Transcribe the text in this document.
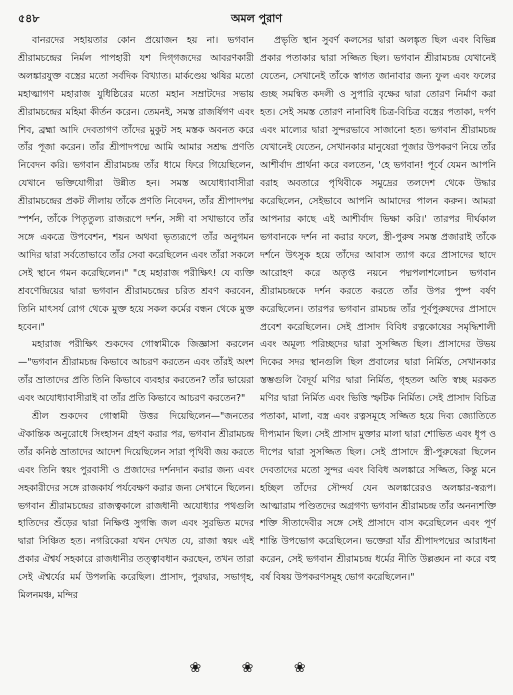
৫৪৮	অমল পুরাণ

বানরদের সহায়তার কোন প্রয়োজন হয় না। ভগবান শ্রীরামচন্দ্রের নির্মল পাপহারী যশ দিগ্‌গজদের আবরণকারী অলঙ্কারযুক্ত বস্ত্রের মতো সর্বদিক বিখ্যাত। মার্কণ্ডেয় ঋষির মতো মহাত্মাগণ মহারাজ যুধিষ্ঠিরের মতো মহান সম্রাটদের সভায় শ্রীরামচন্দ্রের মহিমা কীর্তন করেন। তেমনই, সমস্ত রাজর্ষিগণ এবং শিব, ব্রহ্মা আদি দেবতাগণ তাঁদের মুকুট সহ মস্তক অবনত করে তাঁর পূজা করেন। তাঁর শ্রীপাদপদ্মে আমি আমার সশ্রদ্ধ প্রণতি নিবেদন করি। ভগবান শ্রীরামচন্দ্র তাঁর ধামে ফিরে গিয়েছিলেন, যেখানে ভক্তিযোগীরা উন্নীত হন। সমস্ত অযোধ্যাবাসীরা শ্রীরামচন্দ্রের প্রকট লীলায় তাঁকে প্রণতি নিবেদন, তাঁর শ্রীপাদপদ্ম স্পর্শন, তাঁকে পিতৃতুল্য রাজরূপে দর্শন, সঙ্গী বা সখাভাবে তাঁর সঙ্গে একত্রে উপবেশন, শয়ন অথবা ভৃত্যরূপে তাঁর অনুগমন আদির দ্বারা সর্বতোভাবে তাঁর সেবা করেছিলেন এবং তাঁরা সকলে সেই স্থানে গমন করেছিলেন।" "হে মহারাজ পরীক্ষিৎ! যে ব্যক্তি শ্রবণেন্দ্রিয়ের দ্বারা ভগবান শ্রীরামচন্দ্রের চরিত শ্রবণ করবেন, তিনি মাৎসর্য রোগ থেকে মুক্ত হয়ে সকল কর্মের বন্ধন থেকে মুক্ত হবেন।"

মহারাজ পরীক্ষিৎ শুকদেব গোস্বামীকে জিজ্ঞাসা করলেন—"ভগবান শ্রীরামচন্দ্র কিভাবে আচরণ করতেন এবং তাঁরই অংশ তাঁর ভ্রাতাদের প্রতি তিনি কিভাবে ব্যবহার করতেন? তাঁর ভায়েরা এবং অযোধ্যাবাসীরাই বা তাঁর প্রতি কিভাবে আচরণ করতেন?"

শ্রীল শুকদেব গোস্বামী উত্তর দিয়েছিলেন—"জনতের ঐকান্তিক অনুরোধে সিংহাসন গ্রহণ করার পর, ভগবান শ্রীরামচন্দ্র তাঁর কনিষ্ঠ ভ্রাতাদের আদেশ দিয়েছিলেন সারা পৃথিবী জয় করতে এবং তিনি স্বয়ং পুরবাসী ও প্রজাদের দর্শনদান করার জন্য এবং সহকারীদের সঙ্গে রাজকার্য পর্যবেক্ষণ করার জন্য সেখানে ছিলেন। ভগবান শ্রীরামচন্দ্রের রাজত্বকালে রাজধানী অযোধ্যার পথগুলি হাতিদের শুঁড়ের দ্বারা নিক্ষিপ্ত সুগন্ধি জল এবং সুরভিত মদের দ্বারা সিঞ্চিত হত। নগরিকেরা যখন দেখত যে, রাজা স্বয়ং এই প্রকার ঐশ্বর্য সহকারে রাজধানীর তত্ত্বাবধান করছেন, তখন তারা সেই ঐশ্বর্যের মর্ম উপলব্ধি করেছিল। প্রাসাদ, পুরদ্বার, সভাগৃহ, মিলনমঞ্চ, মন্দির

প্রভৃতি স্থান সুবর্ণ কলসের দ্বারা অলঙ্কৃত ছিল এবং বিভিন্ন প্রকার পতাকার দ্বারা সজ্জিত ছিল। ভগবান শ্রীরামচন্দ্র যেখানেই যেতেন, সেখানেই তাঁকে স্বাগত জানাবার জন্য ফুল এবং ফলের গুচ্ছ সমন্বিত কদলী ও সুপারি বৃক্ষের দ্বারা তোরণ নির্মাণ করা হত। সেই সমস্ত তোরণ নানাবিধ চিত্র-বিচিত্র বস্ত্রের পতাকা, দর্পণ এবং মাল্যের দ্বারা সুন্দরভাবে সাজানো হত। ভগবান শ্রীরামচন্দ্র যেখানেই যেতেন, সেখানকার মানুষেরা পূজার উপকরণ নিয়ে তাঁর আশীর্বাদ প্রার্থনা করে বলতেন, 'হে ভগবান! পূর্বে যেমন আপনি বরাহ অবতারে পৃথিবীকে সমুদ্রের তলদেশ থেকে উদ্ধার করেছিলেন, সেইভাবে আপনি আমাদের পালন করুন। আমরা আপনার কাছে এই আশীর্বাদ ভিক্ষা করি।' তারপর দীর্ঘকাল ভগবানকে দর্শন না করার ফলে, স্ত্রী-পুরুষ সমস্ত প্রজারাই তাঁকে দর্শনে উৎসুক হয়ে তাঁদের আবাস ত্যাগ করে প্রাসাদের ছাদে আরোহণ করে অতৃপ্ত নয়নে পদ্মপলাশলোচন ভগবান শ্রীরামচন্দ্রকে দর্শন করতে করতে তাঁর উপর পুষ্প বর্ষণ করেছিলেন। তারপর ভগবান রামচন্দ্র তাঁর পূর্বপুরুষদের প্রাসাদে প্রবেশ করেছিলেন। সেই প্রাসাদ বিবিধ রত্নকোষের সমৃদ্ধিশালী এবং অমূল্য পরিচ্ছদের দ্বারা সুসজ্জিত ছিল। প্রাসাদের উভয় দিকের সদর স্থানগুলি ছিল প্রবালের দ্বারা নির্মিত, সেখানকার স্তম্ভগুলি বৈদূর্য মণির দ্বারা নির্মিত, গৃহতল অতি স্বচ্ছ মরকত মণির দ্বারা নির্মিত এবং ভিত্তি স্ফটিক নির্মিত। সেই প্রাসাদ বিচিত্র পতাকা, মালা, বস্ত্র এবং রত্নসমূহে সজ্জিত হয়ে দিব্য জ্যোতিতে দীপ্যমান ছিল। সেই প্রাসাদ মুক্তার মালা দ্বারা শোভিত এবং ধূপ ও দীপের দ্বারা সুসজ্জিত ছিল। সেই প্রাসাদে স্ত্রী-পুরুষেরা ছিলেন দেবতাদের মতো সুন্দর এবং বিবিধ অলঙ্কারে সজ্জিত, কিন্তু মনে হচ্ছিল তাঁদের সৌন্দর্য যেন অলঙ্কারেরও অলঙ্কার-স্বরূপ। আত্মারাম পণ্ডিতদের অগ্রগণ্য ভগবান শ্রীরামচন্দ্র তাঁর অনন্যশক্তি শক্তি সীতাদেবীর সঙ্গে সেই প্রাসাদে বাস করেছিলেন এবং পূর্ণ শান্তি উপভোগ করেছিলেন। ভক্তেরা যাঁর শ্রীপাদপদ্মের আরাধনা করেন, সেই ভগবান শ্রীরামচন্দ্র ধর্মের নীতি উল্লঙ্ঘন না করে বহু বর্ষ বিষয় উপকরণসমূহ ভোগ করেছিলেন।"

❀ ❀ ❀
